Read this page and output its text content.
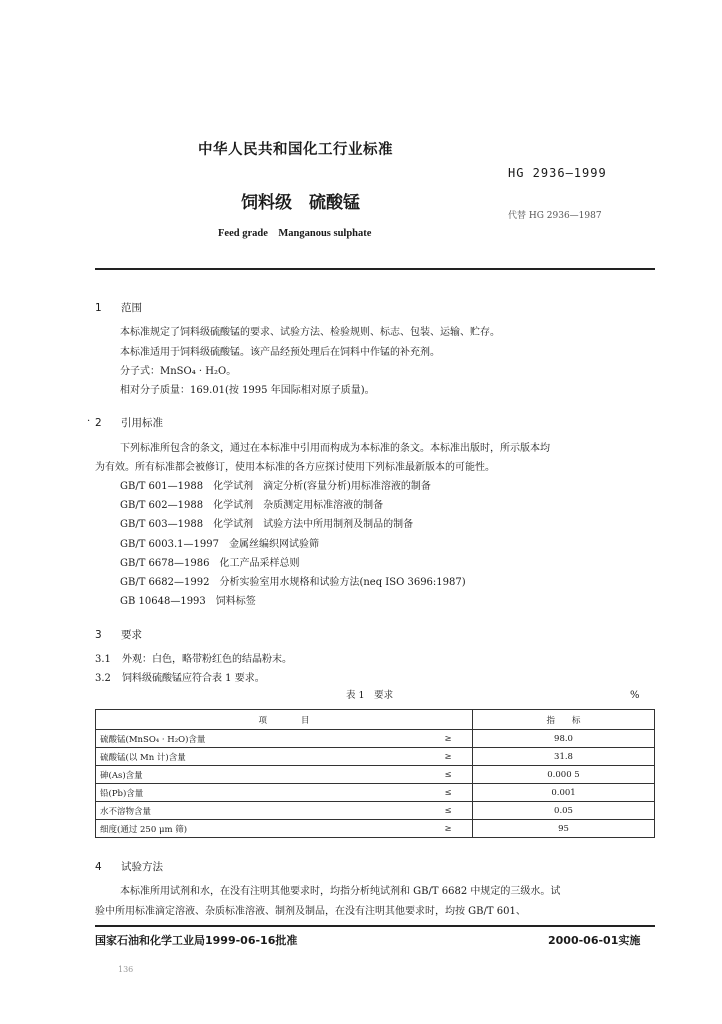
中华人民共和国化工行业标准
HG 2936—1999
饲料级　硫酸锰
代替 HG 2936—1987
Feed grade　Manganous sulphate
1 范围
本标准规定了饲料级硫酸锰的要求、试验方法、检验规则、标志、包装、运输、贮存。
本标准适用于饲料级硫酸锰。该产品经预处理后在饲料中作锰的补充剂。
分子式：MnSO₄ · H₂O。
相对分子质量：169.01(按 1995 年国际相对原子质量)。
· 2 引用标准
下列标准所包含的条文，通过在本标准中引用而构成为本标准的条文。本标准出版时，所示版本均
为有效。所有标准都会被修订，使用本标准的各方应探讨使用下列标准最新版本的可能性。
GB/T 601—1988　化学试剂　滴定分析(容量分析)用标准溶液的制备
GB/T 602—1988　化学试剂　杂质测定用标准溶液的制备
GB/T 603—1988　化学试剂　试验方法中所用制剂及制品的制备
GB/T 6003.1—1997　金属丝编织网试验筛
GB/T 6678—1986　化工产品采样总则
GB/T 6682—1992　分析实验室用水规格和试验方法(neq ISO 3696:1987)
GB 10648—1993　饲料标签
3 要求
3.1 外观：白色，略带粉红色的结晶粉末。
3.2 饲料级硫酸锰应符合表 1 要求。
表 1　要求	%
项　　　　目		指　　标
硫酸锰(MnSO₄ · H₂O)含量	≥	98.0
硫酸锰(以 Mn 计)含量	≥	31.8
砷(As)含量	≤	0.000 5
铅(Pb)含量	≤	0.001
水不溶物含量	≤	0.05
细度(通过 250 μm 筛)	≥	95
4 试验方法
本标准所用试剂和水，在没有注明其他要求时，均指分析纯试剂和 GB/T 6682 中规定的三级水。试
验中所用标准滴定溶液、杂质标准溶液、制剂及制品，在没有注明其他要求时，均按 GB/T 601、
国家石油和化学工业局1999-06-16批准	2000-06-01实施
136
